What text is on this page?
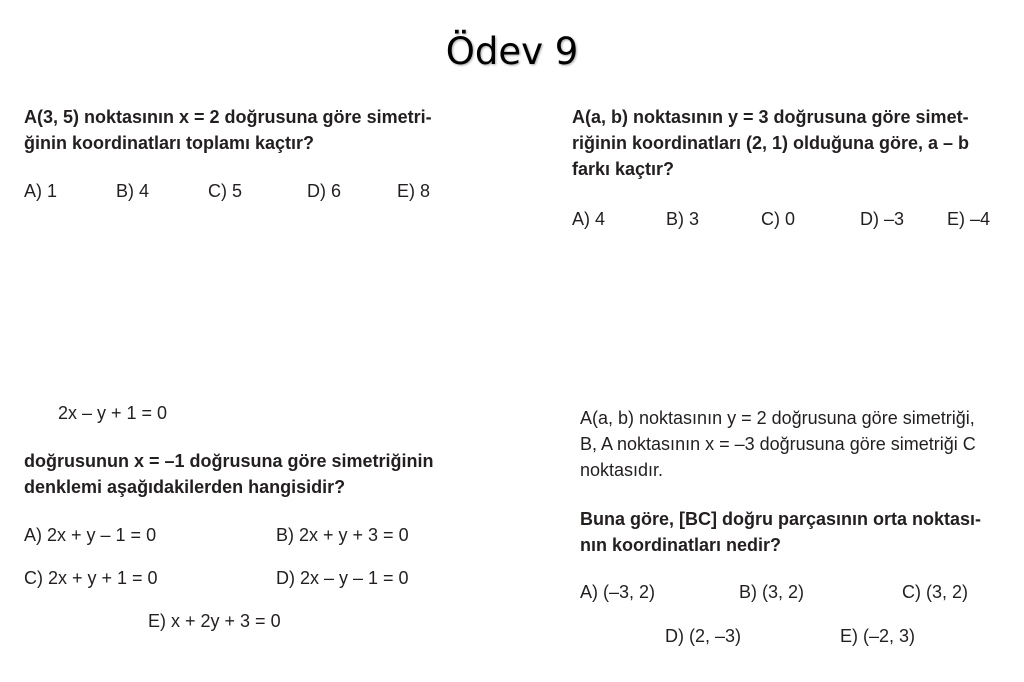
Ödev 9
A(3, 5) noktasının x = 2 doğrusuna göre simetri-
ğinin koordinatları toplamı kaçtır?
A) 1	B) 4	C) 5	D) 6	E) 8
A(a, b) noktasının y = 3 doğrusuna göre simet-
riğinin koordinatları (2, 1) olduğuna göre, a – b
farkı kaçtır?
A) 4	B) 3	C) 0	D) –3 E) –4
2x – y + 1 = 0
doğrusunun x = –1 doğrusuna göre simetriğinin
denklemi aşağıdakilerden hangisidir?
A) 2x + y – 1 = 0	B) 2x + y + 3 = 0
C) 2x + y + 1 = 0	D) 2x – y – 1 = 0
E) x + 2y + 3 = 0
A(a, b) noktasının y = 2 doğrusuna göre simetriği,
B, A noktasının x = –3 doğrusuna göre simetriği C
noktasıdır.
Buna göre, [BC] doğru parçasının orta noktası-
nın koordinatları nedir?
A) (–3, 2)	B) (3, 2)	C) (3, 2)
D) (2, –3)	E) (–2, 3)
